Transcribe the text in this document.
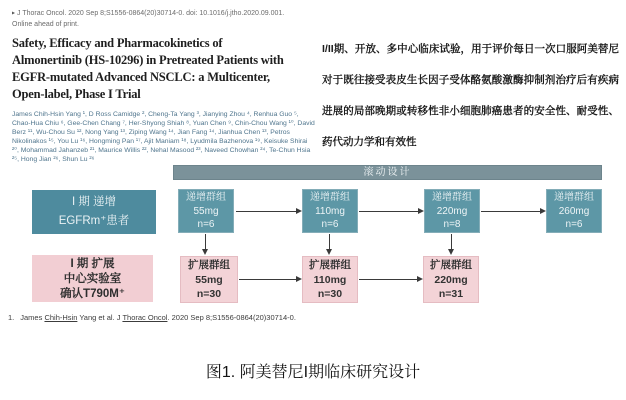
▸ J Thorac Oncol. 2020 Sep 8;S1556-0864(20)30714-0. doi: 10.1016/j.jtho.2020.09.001.
Online ahead of print.
Safety, Efficacy and Pharmacokinetics of
Almonertinib (HS-10296) in Pretreated Patients with
EGFR-mutated Advanced NSCLC: a Multicenter,
Open-label, Phase I Trial
James Chih-Hsin Yang ¹, D Ross Camidge ², Cheng-Ta Yang ³, Jianying Zhou ⁴, Renhua Guo ⁵, Chao-Hua Chiu ⁶, Gee-Chen Chang ⁷, Her-Shyong Shiah ⁸, Yuan Chen ⁹, Chin-Chou Wang ¹⁰, David Berz ¹¹, Wu-Chou Su ¹², Nong Yang ¹³, Ziping Wang ¹⁴, Jian Fang ¹⁴, Jianhua Chen ¹³, Petros Nikolinakos ¹⁵, You Lu ¹⁶, Hongming Pan ¹⁷, Ajit Maniam ¹⁸, Lyudmila Bazhenova ¹⁹, Keisuke Shirai ²⁰, Mohammad Jahanzeb ²¹, Maurice Willis ²², Nehal Masood ²³, Naveed Chowhan ²⁴, Te-Chun Hsia ²⁵, Hong Jian ²⁶, Shun Lu ²⁶
I/II期、开放、多中心临床试验，用于评价每日一次口服阿美替尼对于既往接受表皮生长因子受体酪氨酸激酶抑制剂治疗后有疾病进展的局部晚期或转移性非小细胞肺癌患者的安全性、耐受性、药代动力学和有效性
滚动设计
I 期 递增
EGFRm⁺患者
I 期 扩展
中心实验室
确认T790M⁺
递增群组
55mg
n=6
递增群组
110mg
n=6
递增群组
220mg
n=8
递增群组
260mg
n=6
扩展群组
55mg
n=30
扩展群组
110mg
n=30
扩展群组
220mg
n=31
1. James Chih-Hsin Yang et al. J Thorac Oncol. 2020 Sep 8;S1556-0864(20)30714-0.
图1. 阿美替尼I期临床研究设计
